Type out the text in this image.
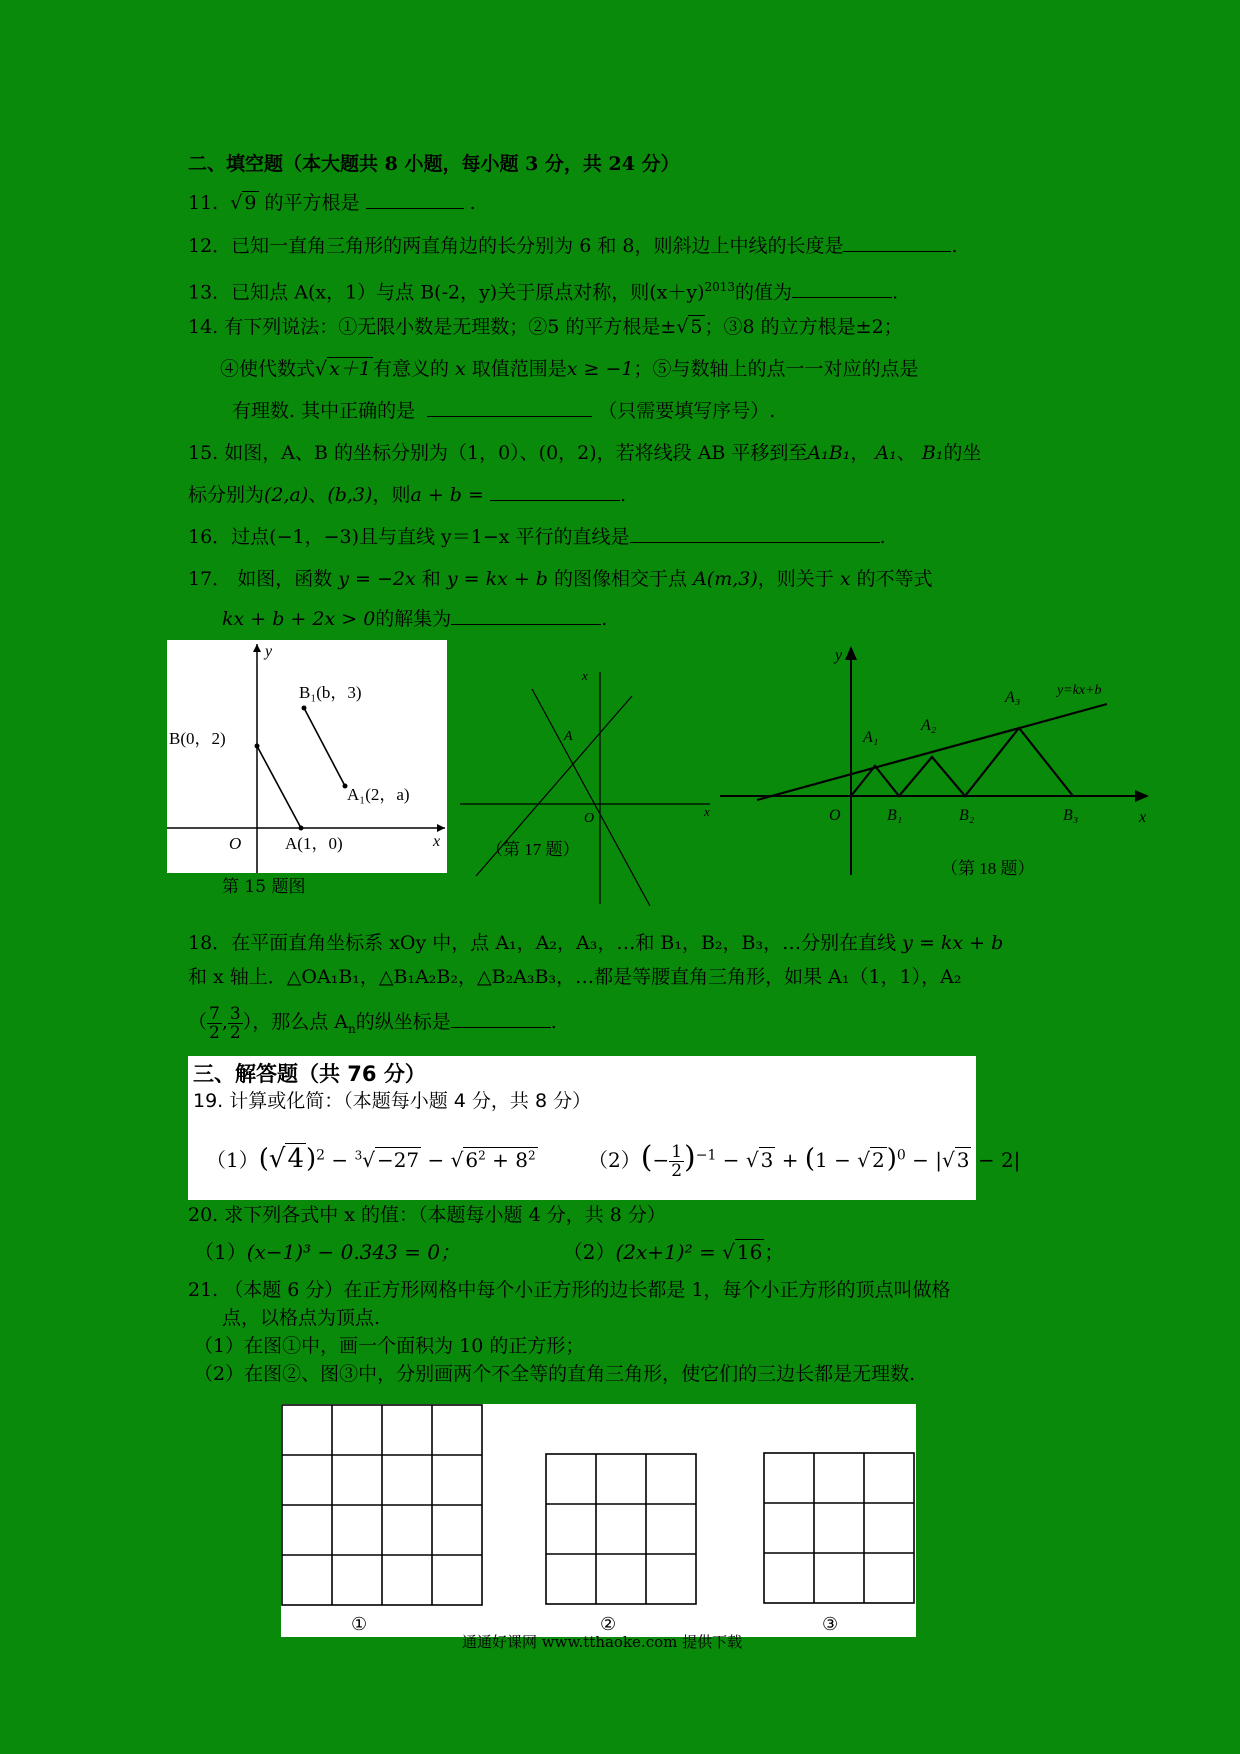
二、填空题（本大题共 8 小题，每小题 3 分，共 24 分）
11.  √ 9 的平方根是	.
12．已知一直角三角形的两直角边的长分别为 6 和 8，则斜边上中线的长度是	.
13．已知点 A(x，1）与点 B(-2，y)关于原点对称，则$(x+y)^{2013}$的值为	.
14. 有下列说法：①无限小数是无理数；②5 的平方根是±√ 5 ；③8 的立方根是±2；
④使代数式√ x＋1 有意义的 x 取值范围是x ≥ −1；⑤与数轴上的点一一对应的点是
有理数. 其中正确的是	（只需要填写序号）.
15. 如图，A、B 的坐标分别为（1，0）、(0，2)，若将线段 AB 平移到至A₁B₁， A₁、 B₁的坐
标分别为(2,a)、(b,3)，则a + b =	.
16．过点(−1，−3)且与直线 y＝1−x 平行的直线是	.
17． 如图，函数 y = −2x 和 y = kx + b 的图像相交于点 A(m,3)，则关于 x 的不等式
kx + b + 2x > 0的解集为	.
y
x
O
B(0，2)
A(1，0)
B₁(b，3)
A₁(2，a)
第 15 题图
x
x
A
O
（第 17 题）
y
x
O
y=kx+b
A₁
A₂
A₃
B₁	B₂	B₃
（第 18 题）
18．在平面直角坐标系 xOy 中，点 A₁，A₂，A₃，…和 B₁，B₂，B₃，…分别在直线 y = kx + b
和 x 轴上．△OA₁B₁，△B₁A₂B₂，△B₂A₃B₃，…都是等腰直角三角形，如果 A₁（1，1），A₂
（ $\frac{7}{2}$ , $\frac{3}{2}$ ），那么点 $A_n$的纵坐标是	.
三、解答题（共 76 分）
19. 计算或化简：（本题每小题 4 分，共 8 分）
$(1)(√4)^2 - ^3√ -27$ − √ $6^2 + 8^2$	$(2)(- \frac{1}{2} )^{-1}$ − √ 3 + (1 − √ 2)$^0$ − |√ 3 − 2|
20. 求下列各式中 x 的值：（本题每小题 4 分，共 8 分）
（1）(x−1)³ − 0.343 = 0；	（2）(2x+1)² = √ 16 ；
21. （本题 6 分）在正方形网格中每个小正方形的边长都是 1，每个小正方形的顶点叫做格
点，以格点为顶点.
（1）在图①中，画一个面积为 10 的正方形；
（2）在图②、图③中，分别画两个不全等的直角三角形，使它们的三边长都是无理数.
①	②	③
通通好课网 www.tthaoke.com 提供下载
